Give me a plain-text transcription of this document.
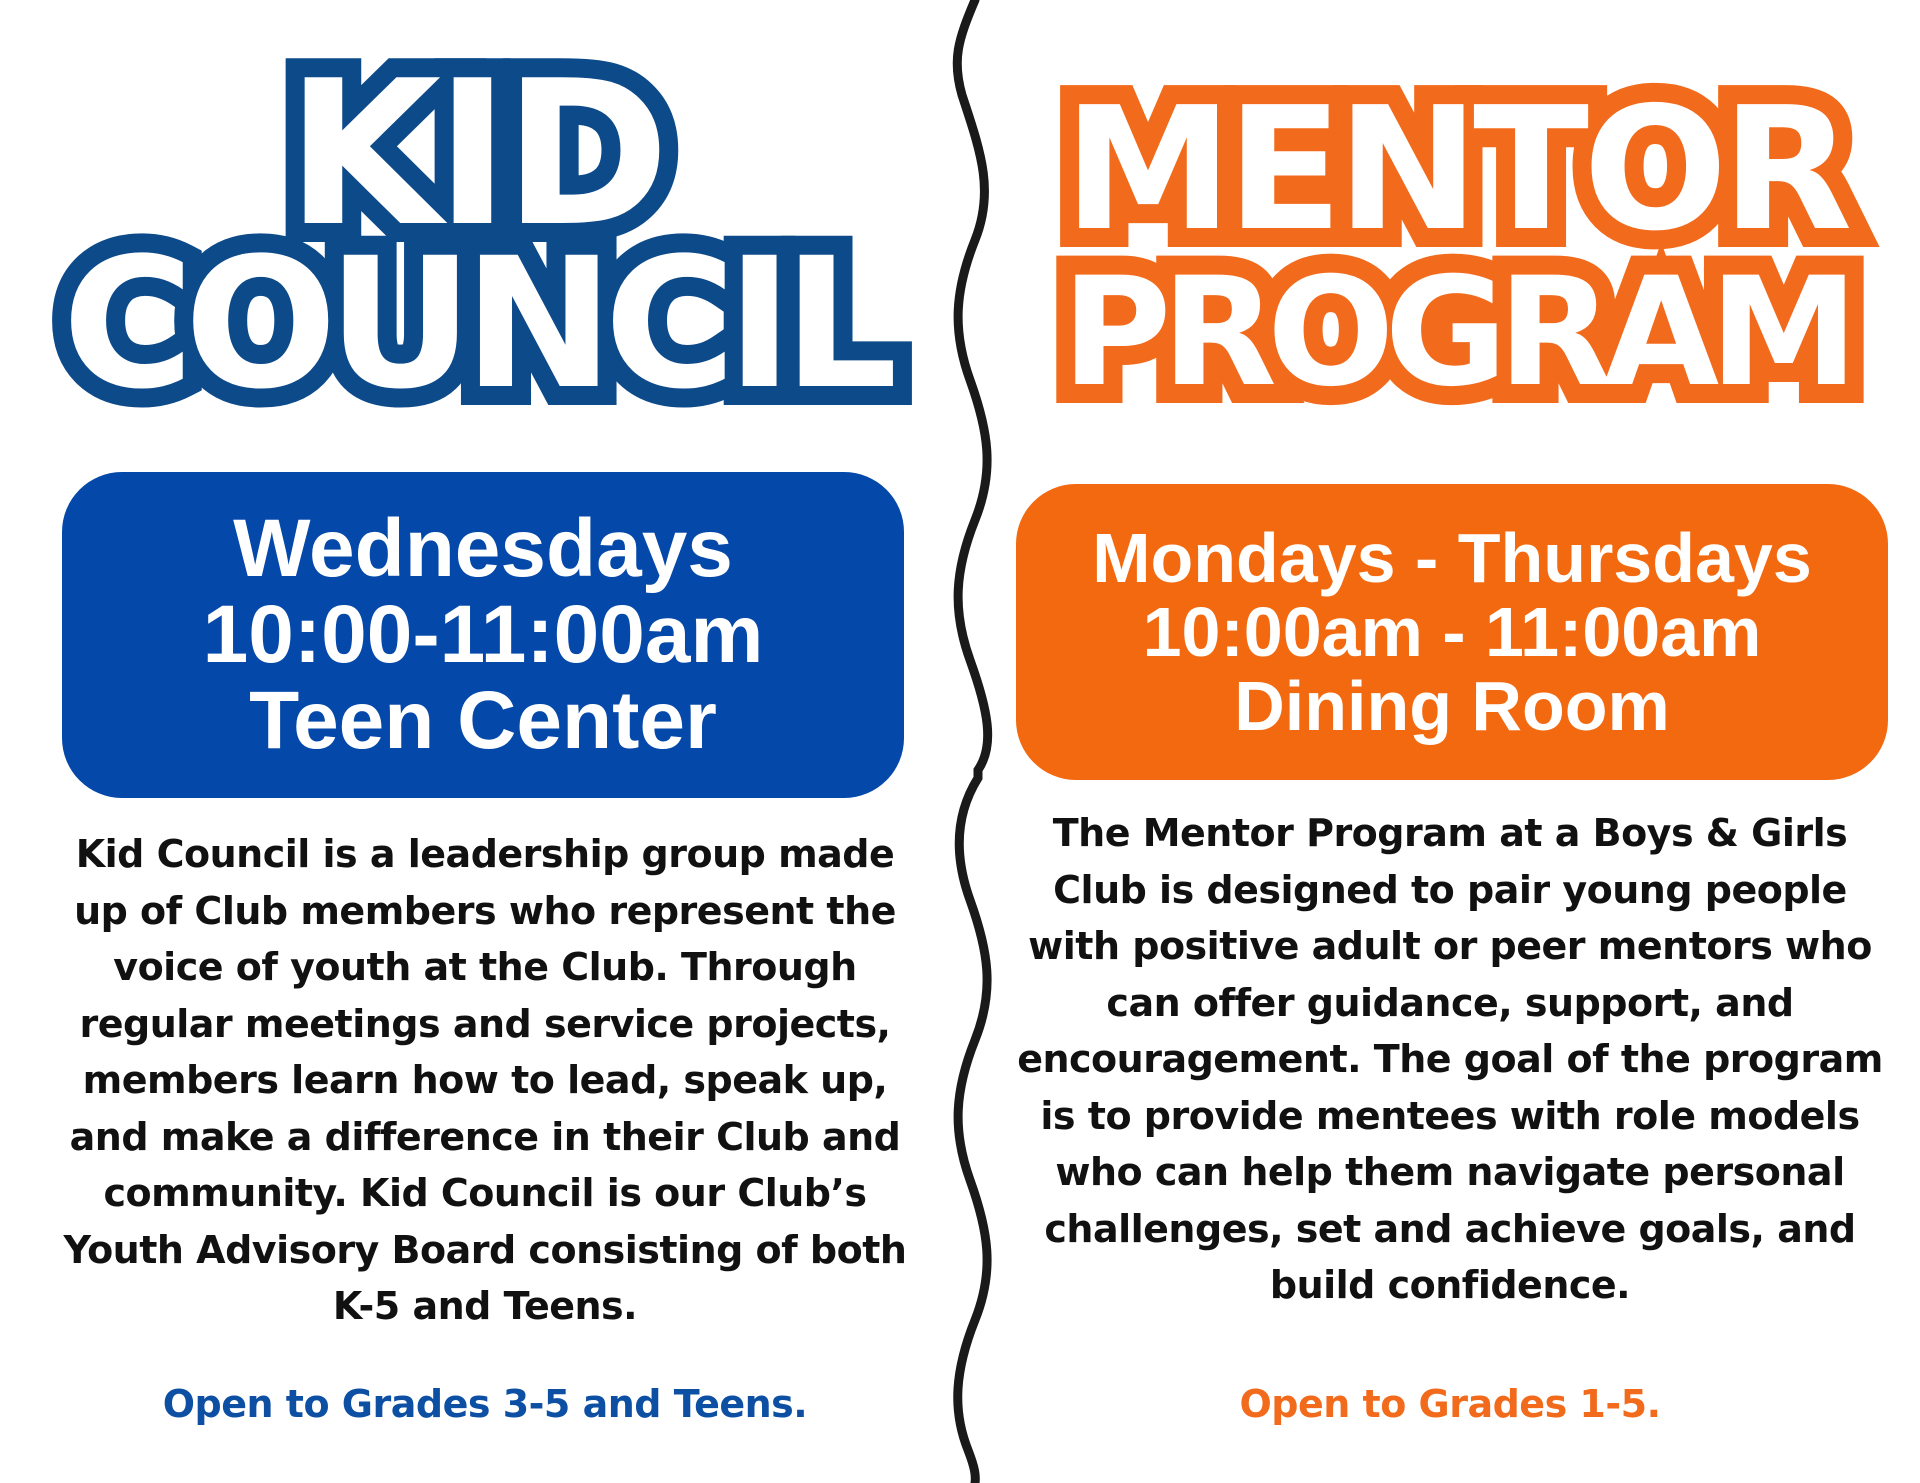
KID
COUNCIL
Wednesdays
10:00-11:00am
Teen Center
Kid Council is a leadership group made up of Club members who represent the voice of youth at the Club. Through regular meetings and service projects, members learn how to lead, speak up, and make a difference in their Club and community. Kid Council is our Club’s Youth Advisory Board consisting of both K-5 and Teens.
Open to Grades 3-5 and Teens.
MENTOR
PROGRAM
Mondays - Thursdays
10:00am - 11:00am
Dining Room
The Mentor Program at a Boys & Girls Club is designed to pair young people with positive adult or peer mentors who can offer guidance, support, and encouragement. The goal of the program is to provide mentees with role models who can help them navigate personal challenges, set and achieve goals, and build confidence.
Open to Grades 1-5.
